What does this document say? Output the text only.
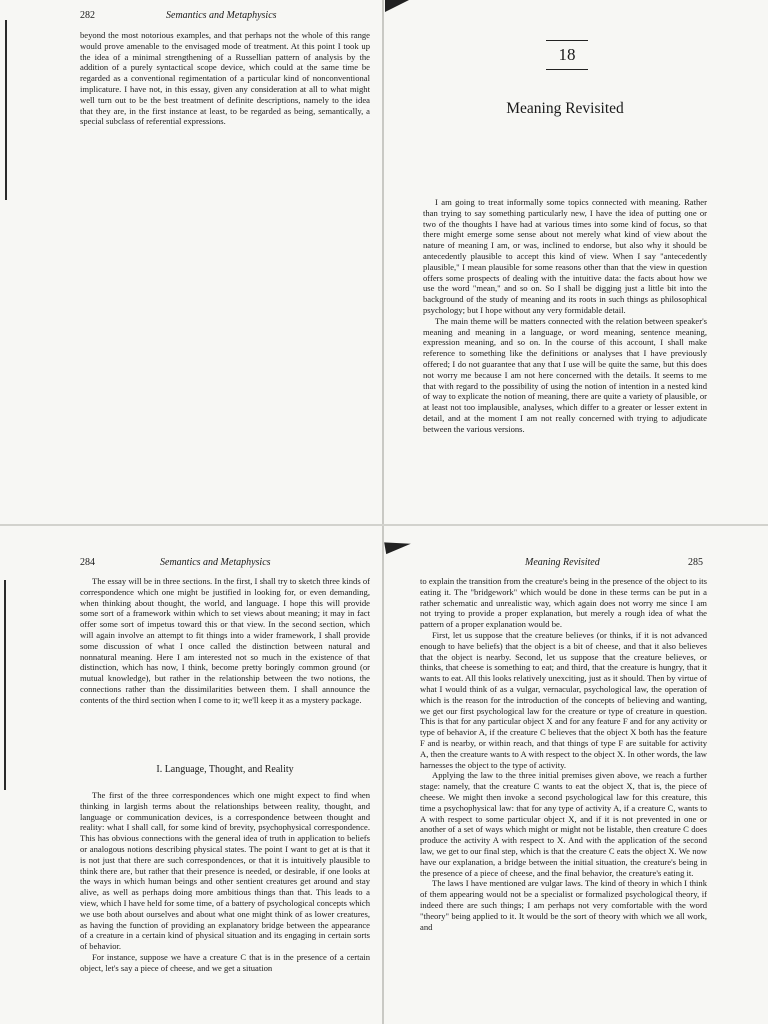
282	Semantics and Metaphysics

beyond the most notorious examples, and that perhaps not the whole of this range would prove amenable to the envisaged mode of treatment. At this point I took up the idea of a minimal strengthening of a Russellian pattern of analysis by the addition of a purely syntactical scope device, which could at the same time be regarded as a conventional regimentation of a particular kind of nonconventional implicature. I have not, in this essay, given any consideration at all to what might well turn out to be the best treatment of definite descriptions, namely to the idea that they are, in the first instance at least, to be regarded as being, semantically, a special subclass of referential expressions.

18
Meaning Revisited

I am going to treat informally some topics connected with meaning. Rather than trying to say something particularly new, I have the idea of putting one or two of the thoughts I have had at various times into some kind of focus, so that there might emerge some sense about not merely what kind of view about the nature of meaning I am, or was, inclined to endorse, but also why it should be antecedently plausible to accept this kind of view. When I say "antecedently plausible," I mean plausible for some reasons other than that the view in question offers some prospects of dealing with the intuitive data: the facts about how we use the word "mean," and so on. So I shall be digging just a little bit into the background of the study of meaning and its roots in such things as philosophical psychology; but I hope without any very formidable detail.

The main theme will be matters connected with the relation between speaker's meaning and meaning in a language, or word meaning, sentence meaning, expression meaning, and so on. In the course of this account, I shall make reference to something like the definitions or analyses that I have previously offered; I do not guarantee that any that I use will be quite the same, but this does not worry me because I am not here concerned with the details. It seems to me that with regard to the possibility of using the notion of intention in a nested kind of way to explicate the notion of meaning, there are quite a variety of plausible, or at least not too implausible, analyses, which differ to a greater or lesser extent in detail, and at the moment I am not really concerned with trying to adjudicate between the various versions.

284	Semantics and Metaphysics

The essay will be in three sections. In the first, I shall try to sketch three kinds of correspondence which one might be justified in looking for, or even demanding, when thinking about thought, the world, and language. I hope this will provide some sort of a framework within which to set views about meaning; it may in fact offer some sort of impetus toward this or that view. In the second section, which will again involve an attempt to fit things into a wider framework, I shall provide some discussion of what I once called the distinction between natural and nonnatural meaning. Here I am interested not so much in the existence of that distinction, which has now, I think, become pretty boringly common ground (or mutual knowledge), but rather in the relationship between the two notions, the connections rather than the dissimilarities between them. I shall announce the contents of the third section when I come to it; we'll keep it as a mystery package.

I. Language, Thought, and Reality

The first of the three correspondences which one might expect to find when thinking in largish terms about the relationships between reality, thought, and language or communication devices, is a correspondence between thought and reality: what I shall call, for some kind of brevity, psychophysical correspondence. This has obvious connections with the general idea of truth in application to beliefs or analogous notions describing physical states. The point I want to get at is that it is not just that there are such correspondences, or that it is intuitively plausible to think there are, but rather that their presence is needed, or desirable, if one looks at the ways in which human beings and other sentient creatures get around and stay alive, as well as perhaps doing more ambitious things than that. This leads to a view, which I have held for some time, of a battery of psychological concepts which we use both about ourselves and about what one might think of as lower creatures, as having the function of providing an explanatory bridge between the appearance of a creature in a certain kind of physical situation and its engaging in certain sorts of behavior.

For instance, suppose we have a creature C that is in the presence of a certain object, let's say a piece of cheese, and we get a situation

Meaning Revisited	285

to explain the transition from the creature's being in the presence of the object to its eating it. The "bridgework" which would be done in these terms can be put in a rather schematic and unrealistic way, which again does not worry me since I am not trying to provide a proper explanation, but merely a rough idea of what the pattern of a proper explanation would be.

First, let us suppose that the creature believes (or thinks, if it is not advanced enough to have beliefs) that the object is a bit of cheese, and that it also believes that the object is nearby. Second, let us suppose that the creature believes, or thinks, that cheese is something to eat; and third, that the creature is hungry, that it wants to eat. All this looks relatively unexciting, just as it should. Then by virtue of what I would think of as a vulgar, vernacular, psychological law, the operation of which is the reason for the introduction of the concepts of believing and wanting, we get our first psychological law for the creature or type of creature in question. This is that for any particular object X and for any feature F and for any activity or type of behavior A, if the creature C believes that the object X both has the feature F and is nearby, or within reach, and that things of type F are suitable for activity A, then the creature wants to A with respect to the object X. In other words, the law harnesses the object to the type of activity.

Applying the law to the three initial premises given above, we reach a further stage: namely, that the creature C wants to eat the object X, that is, the piece of cheese. We might then invoke a second psychological law for this creature, this time a psychophysical law: that for any type of activity A, if a creature C, wants to A with respect to some particular object X, and if it is not prevented in one or another of a set of ways which might or might not be listable, then creature C does produce the activity A with respect to X. And with the application of the second law, we get to our final step, which is that the creature C eats the object X. We now have our explanation, a bridge between the initial situation, the creature's being in the presence of a piece of cheese, and the final behavior, the creature's eating it.

The laws I have mentioned are vulgar laws. The kind of theory in which I think of them appearing would not be a specialist or formalized psychological theory, if indeed there are such things; I am perhaps not very comfortable with the word "theory" being applied to it. It would be the sort of theory with which we all work, and
